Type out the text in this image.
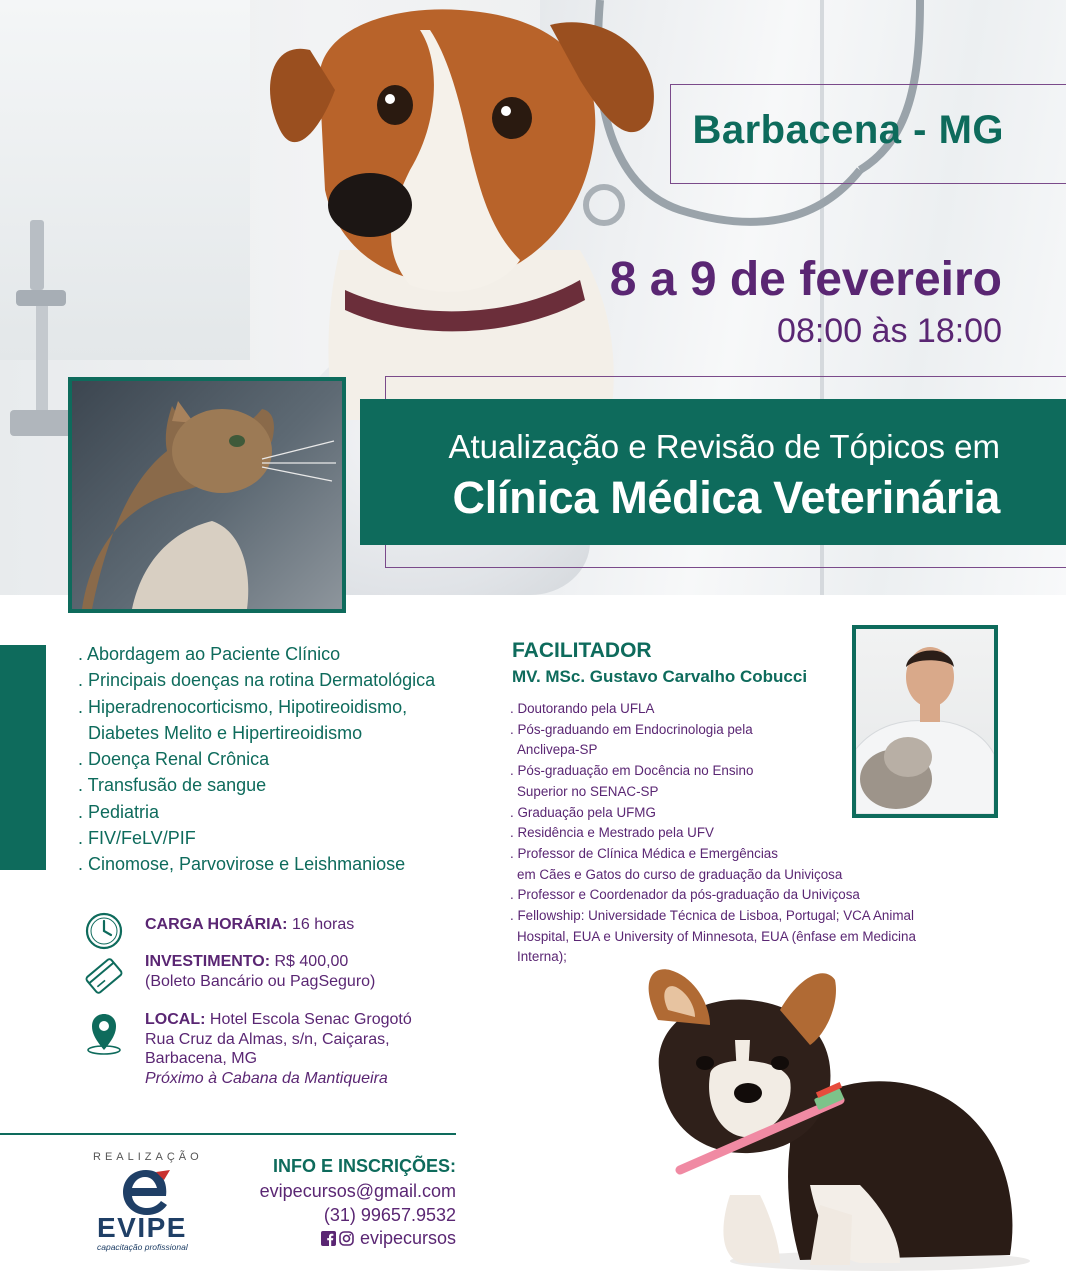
Barbacena - MG
8 a 9 de fevereiro
08:00 às 18:00
Atualização e Revisão de Tópicos em
Clínica Médica Veterinária
. Abordagem ao Paciente Clínico
. Principais doenças na rotina Dermatológica
. Hiperadrenocorticismo, Hipotireoidismo,
Diabetes Melito e Hipertireoidismo
. Doença Renal Crônica
. Transfusão de sangue
. Pediatria
. FIV/FeLV/PIF
. Cinomose, Parvovirose e Leishmaniose
CARGA HORÁRIA: 16 horas
INVESTIMENTO: R$ 400,00
(Boleto Bancário ou PagSeguro)
LOCAL: Hotel Escola Senac Grogotó
Rua Cruz da Almas, s/n, Caiçaras,
Barbacena, MG
Próximo à Cabana da Mantiqueira
FACILITADOR
MV. MSc. Gustavo Carvalho Cobucci
. Doutorando pela UFLA
. Pós-graduando em Endocrinologia pela
Anclivepa-SP
. Pós-graduação em Docência no Ensino
Superior no SENAC-SP
. Graduação pela UFMG
. Residência e Mestrado pela UFV
. Professor de Clínica Médica e Emergências
em Cães e Gatos do curso de graduação da Univiçosa
. Professor e Coordenador da pós-graduação da Univiçosa
. Fellowship: Universidade Técnica de Lisboa, Portugal; VCA Animal
Hospital, EUA e University of Minnesota, EUA (ênfase em Medicina
Interna);
REALIZAÇÃO
EVIPE
capacitação profissional
INFO E INSCRIÇÕES:
evipecursos@gmail.com
(31) 99657.9532
evipecursos
